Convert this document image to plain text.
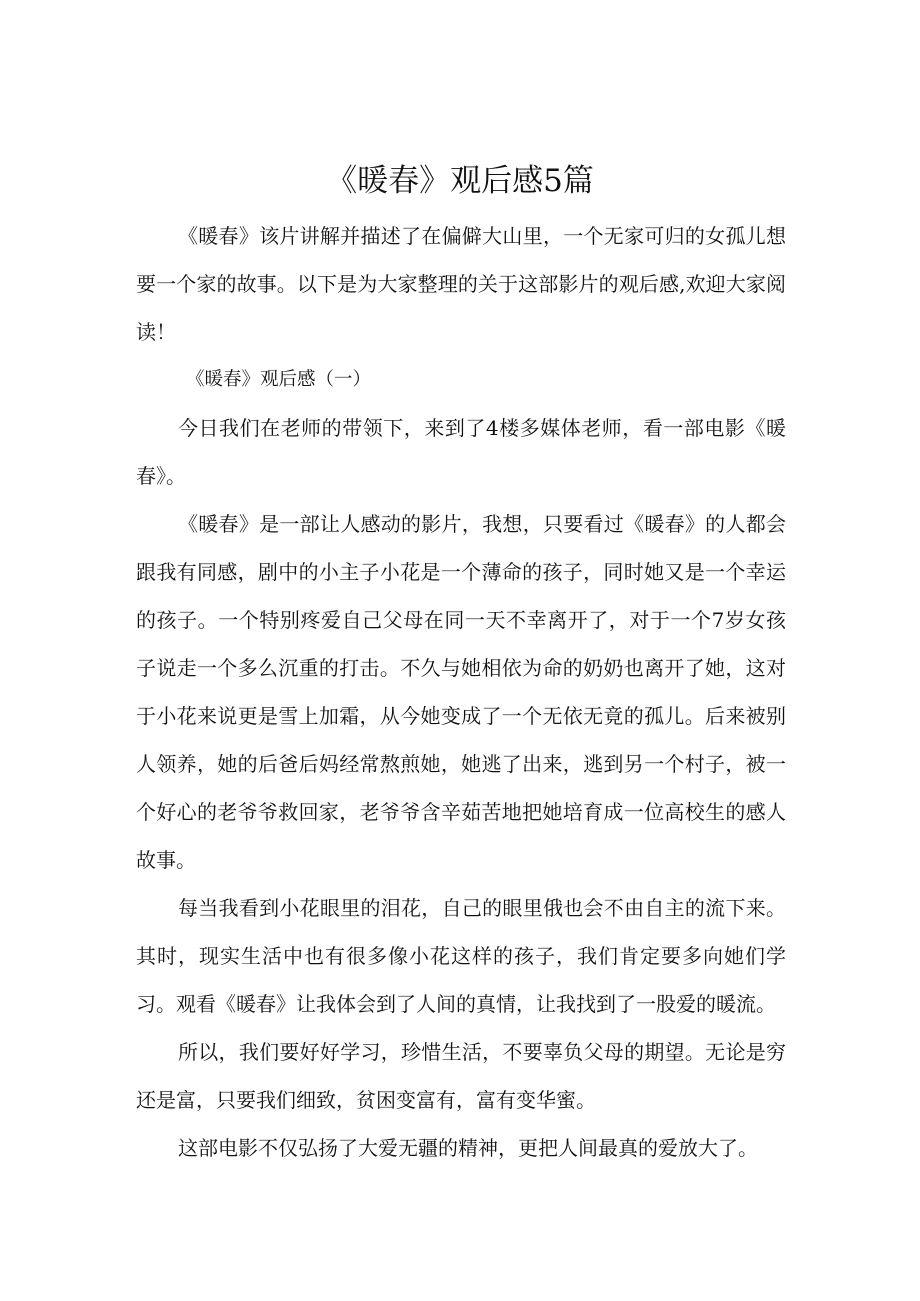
《暖春》观后感5篇

《暖春》该片讲解并描述了在偏僻大山里，一个无家可归的女孤儿想要一个家的故事。以下是为大家整理的关于这部影片的观后感,欢迎大家阅读！

《暖春》观后感（一）

今日我们在老师的带领下，来到了4楼多媒体老师，看一部电影《暖春》。

《暖春》是一部让人感动的影片，我想，只要看过《暖春》的人都会跟我有同感，剧中的小主子小花是一个薄命的孩子，同时她又是一个幸运的孩子。一个特别疼爱自己父母在同一天不幸离开了，对于一个7岁女孩子说走一个多么沉重的打击。不久与她相依为命的奶奶也离开了她，这对于小花来说更是雪上加霜，从今她变成了一个无依无竟的孤儿。后来被别人领养，她的后爸后妈经常熬煎她，她逃了出来，逃到另一个村子，被一个好心的老爷爷救回家，老爷爷含辛茹苦地把她培育成一位高校生的感人故事。

每当我看到小花眼里的泪花，自己的眼里俄也会不由自主的流下来。其时，现实生活中也有很多像小花这样的孩子，我们肯定要多向她们学习。观看《暖春》让我体会到了人间的真情，让我找到了一股爱的暖流。

所以，我们要好好学习，珍惜生活，不要辜负父母的期望。无论是穷还是富，只要我们细致，贫困变富有，富有变华蜜。

这部电影不仅弘扬了大爱无疆的精神，更把人间最真的爱放大了。
